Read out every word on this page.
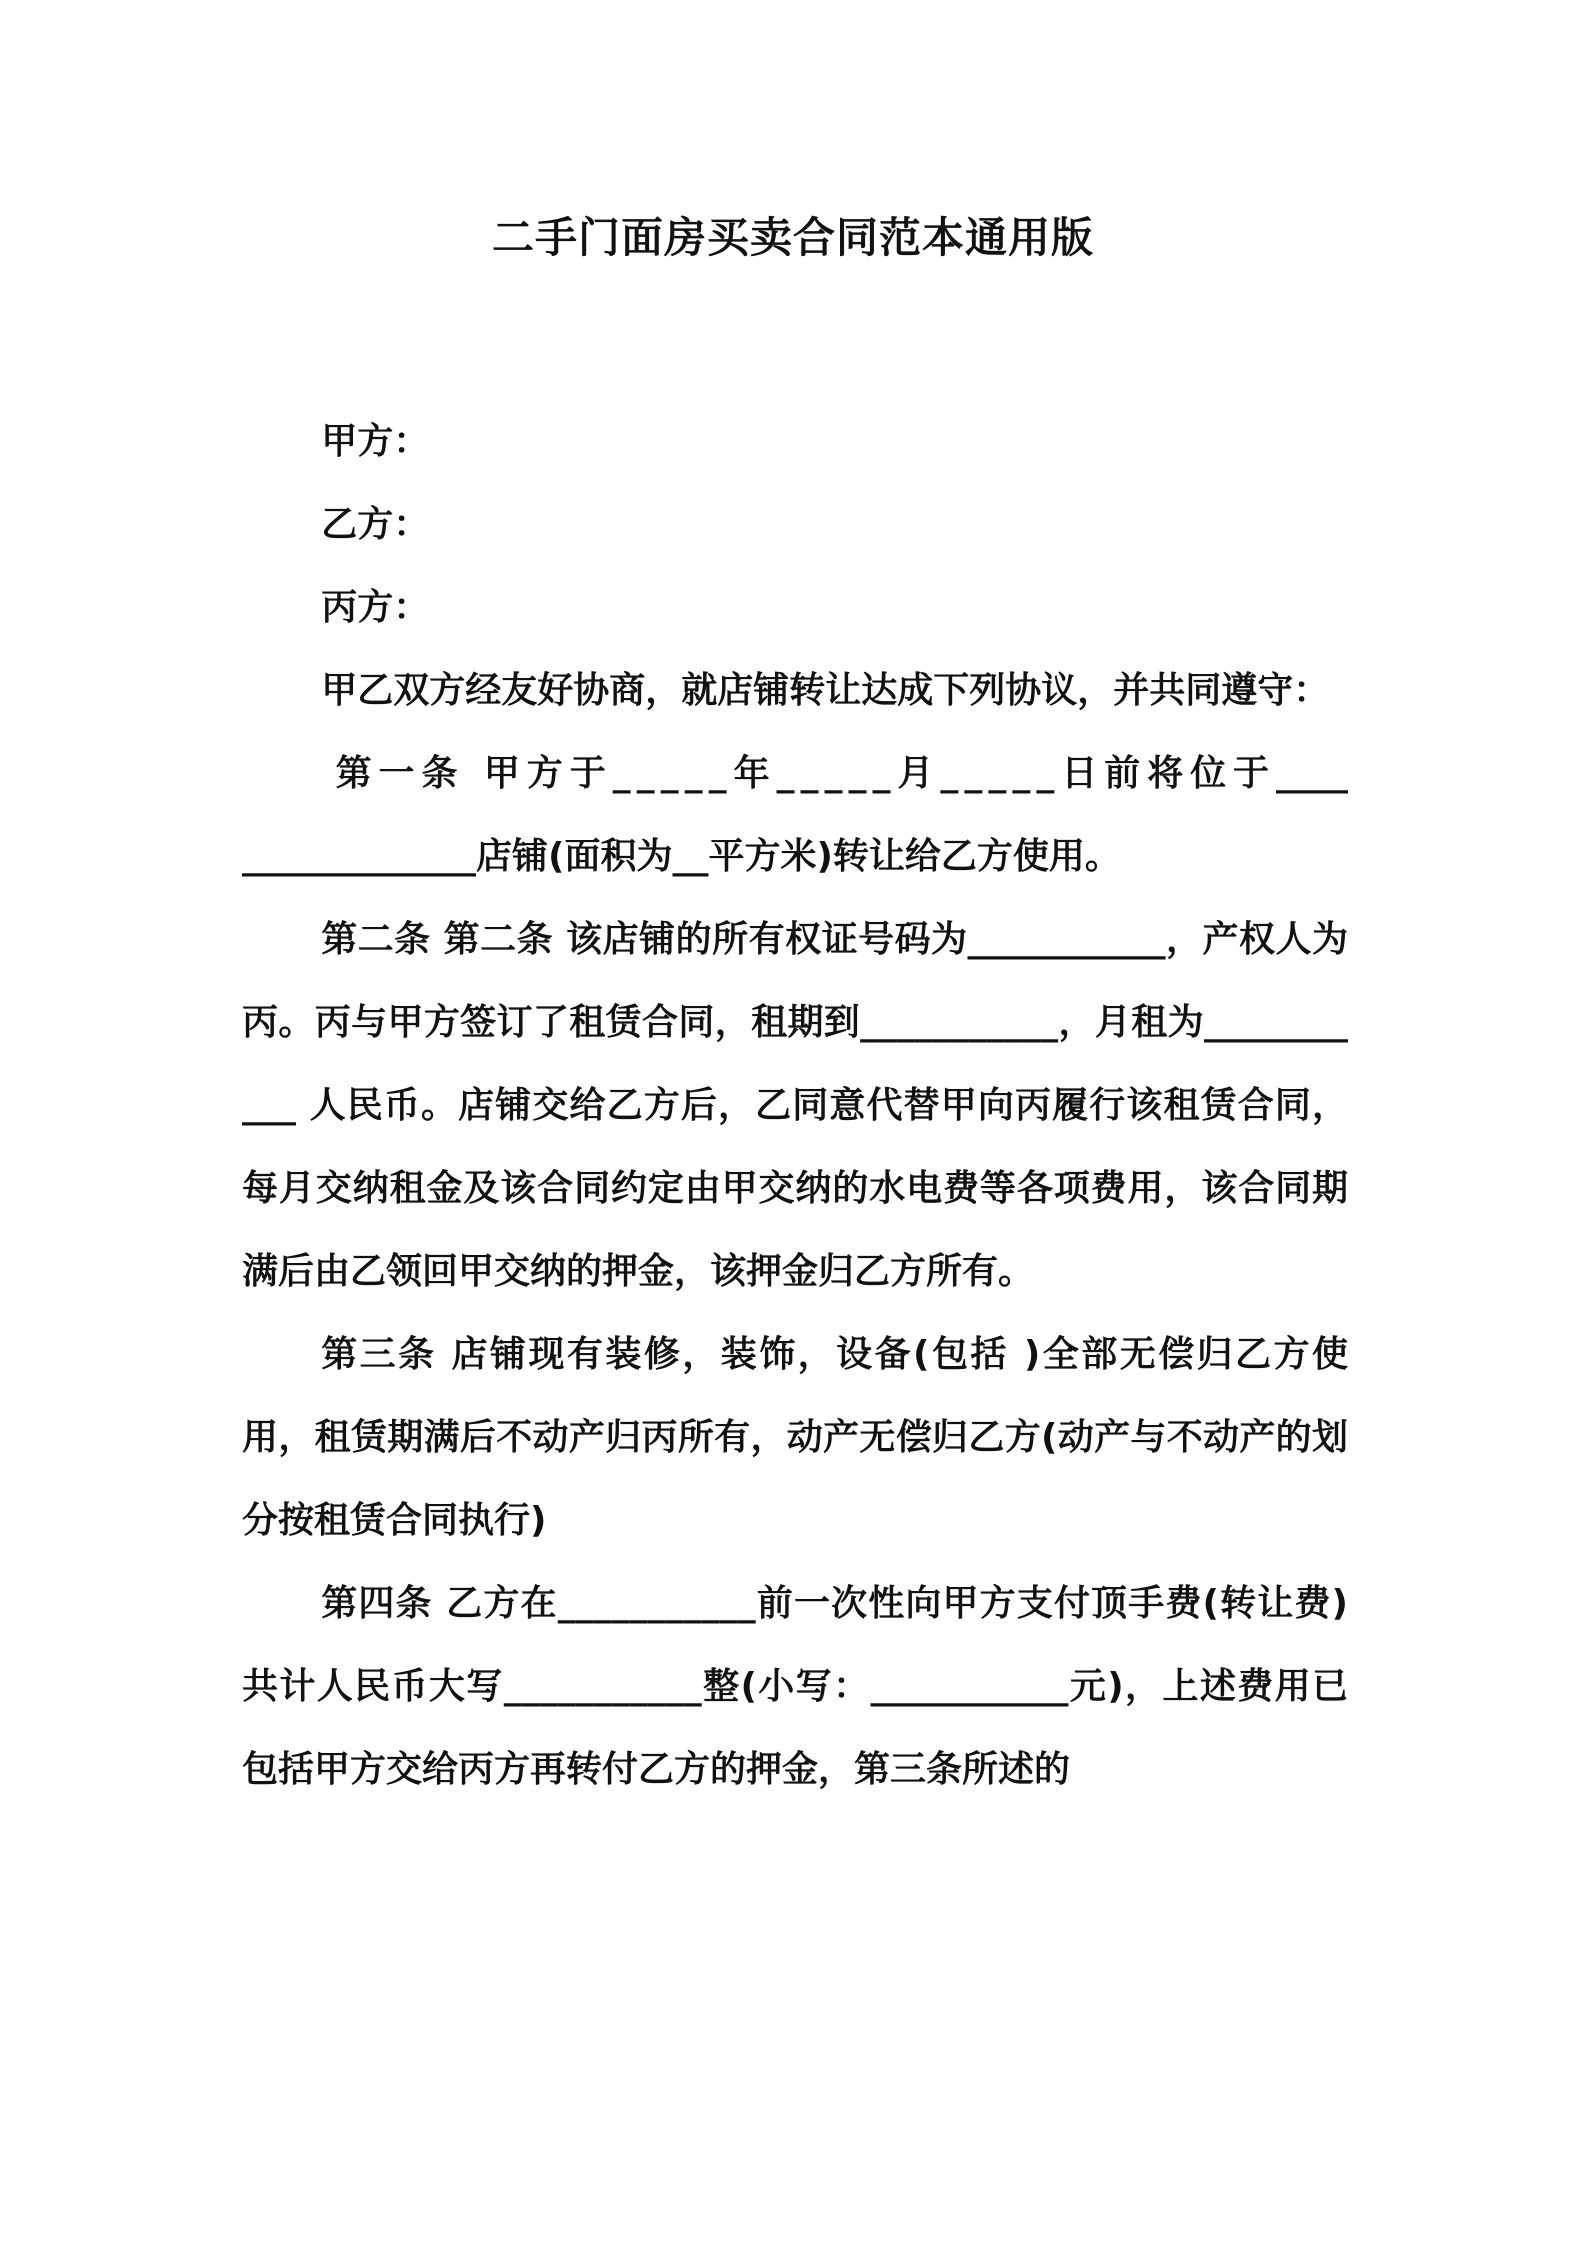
二手门面房买卖合同范本通用版

甲方：

乙方：

丙方：

甲乙双方经友好协商，就店铺转让达成下列协议，并共同遵守：

第一条 甲方于_____年_____月_____日前将位于_________________店铺(面积为__平方米)转让给乙方使用。

第二条 第二条 该店铺的所有权证号码为___________，产权人为丙。丙与甲方签订了租赁合同，租期到___________，月租为___________ 人民币。店铺交给乙方后，乙同意代替甲向丙履行该租赁合同，每月交纳租金及该合同约定由甲交纳的水电费等各项费用，该合同期满后由乙领回甲交纳的押金，该押金归乙方所有。

第三条 店铺现有装修，装饰，设备(包括 )全部无偿归乙方使用，租赁期满后不动产归丙所有，动产无偿归乙方(动产与不动产的划分按租赁合同执行)

第四条 乙方在___________前一次性向甲方支付顶手费(转让费)共计人民币大写___________整(小写：___________元)，上述费用已包括甲方交给丙方再转付乙方的押金，第三条所述的
